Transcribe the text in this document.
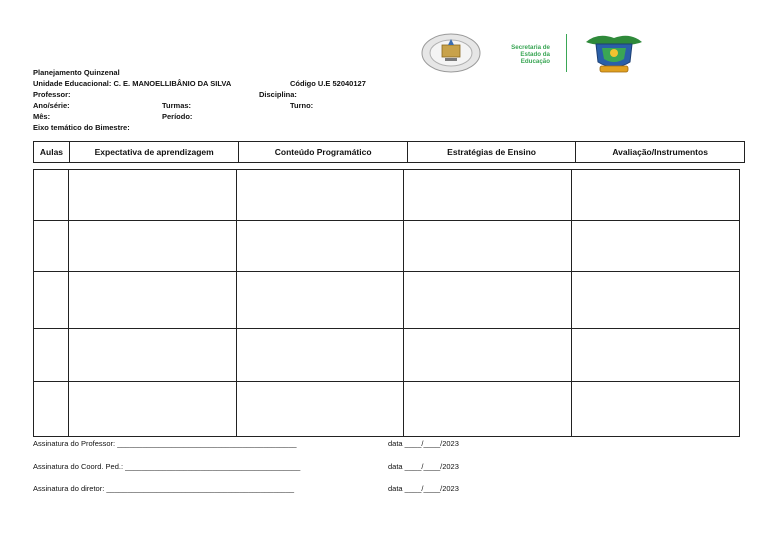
Secretaria de
Estado da
Educação
Planejamento Quinzenal
Unidade Educacional: C. E. MANOELLIBÂNIO DA SILVA	Código U.E 52040127
Professor:	Disciplina:
Ano/série:	Turmas:	Turno:
Mês:	Período:
Eixo temático do Bimestre:
Aulas	Expectativa de aprendizagem	Conteúdo Programático	Estratégias de Ensino	Avaliação/Instrumentos

Assinatura do Professor: ___________________________________________	data ____/____/2023
Assinatura do Coord. Ped.: __________________________________________	data ____/____/2023
Assinatura do diretor: _____________________________________________	data ____/____/2023
